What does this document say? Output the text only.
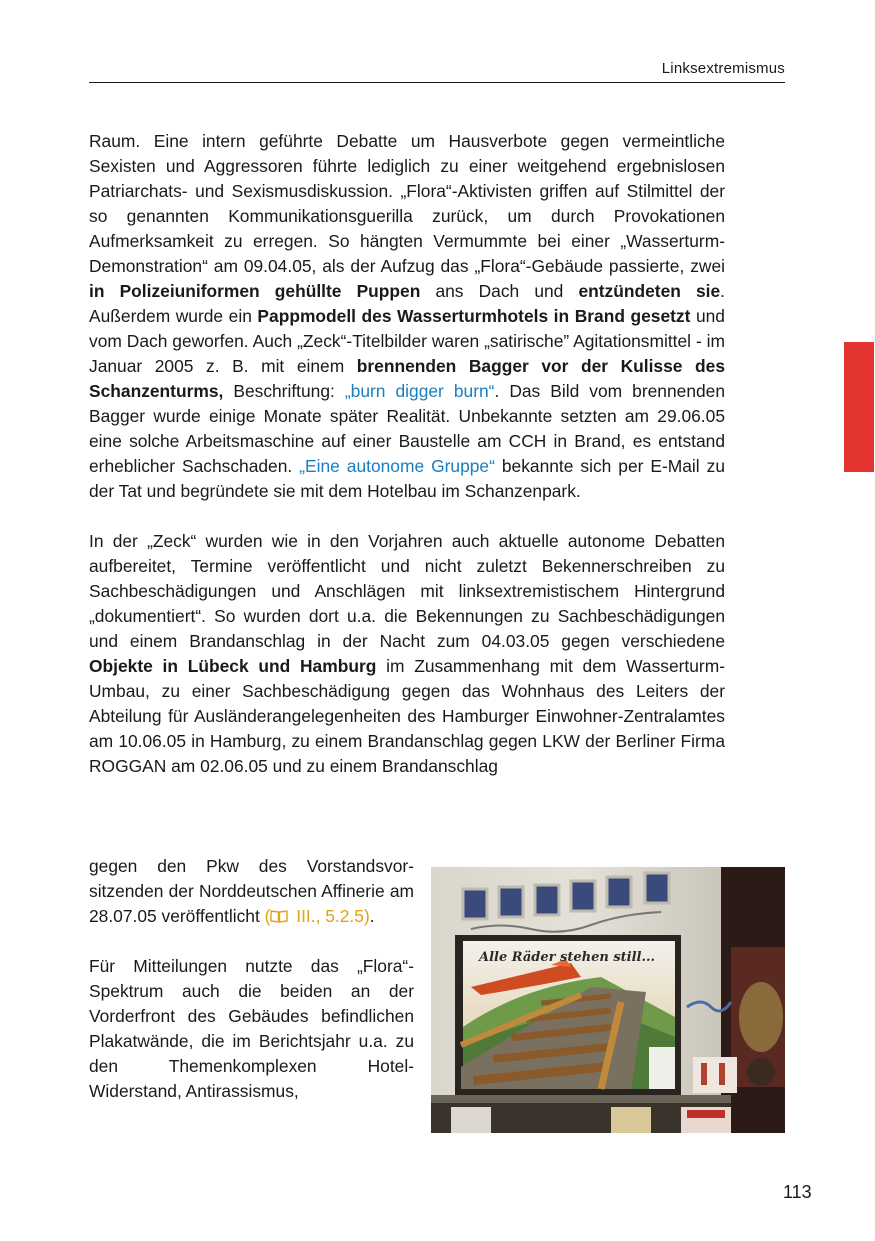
Linksextremismus

Raum. Eine intern geführte Debatte um Hausverbote gegen vermeintliche Sexisten und Aggressoren führte lediglich zu einer weitgehend ergebnislosen Patriarchats- und Sexismusdiskussion. „Flora“-Aktivisten griffen auf Stilmittel der so genannten Kommunikationsguerilla zurück, um durch Provokationen Aufmerksamkeit zu erregen. So hängten Vermummte bei einer „Wasserturm-Demonstration“ am 09.04.05, als der Aufzug das „Flora“-Gebäude passierte, zwei in Polizeiuniformen gehüllte Puppen ans Dach und entzündeten sie. Außerdem wurde ein Pappmodell des Wasserturmhotels in Brand gesetzt und vom Dach geworfen. Auch „Zeck“-Titelbilder waren „satirische” Agitationsmittel - im Januar 2005 z. B. mit einem brennenden Bagger vor der Kulisse des Schanzenturms, Beschriftung: „burn digger burn“. Das Bild vom brennenden Bagger wurde einige Monate später Realität. Unbekannte setzten am 29.06.05 eine solche Arbeitsmaschine auf einer Baustelle am CCH in Brand, es entstand erheblicher Sachschaden. „Eine autonome Gruppe“ bekannte sich per E-Mail zu der Tat und begründete sie mit dem Hotelbau im Schanzenpark.

In der „Zeck“ wurden wie in den Vorjahren auch aktuelle autonome Debatten aufbereitet, Termine veröffentlicht und nicht zuletzt Bekennerschreiben zu Sachbeschädigungen und Anschlägen mit linksextremistischem Hintergrund „dokumentiert“. So wurden dort u.a. die Bekennungen zu Sachbeschädigungen und einem Brandanschlag in der Nacht zum 04.03.05 gegen verschiedene Objekte in Lübeck und Hamburg im Zusammenhang mit dem Wasserturm-Umbau, zu einer Sachbeschädigung gegen das Wohnhaus des Leiters der Abteilung für Ausländerangelegenheiten des Hamburger Einwohner-Zentralamtes am 10.06.05 in Hamburg, zu einem Brandanschlag gegen LKW der Berliner Firma ROGGAN am 02.06.05 und zu einem Brandanschlag

gegen den Pkw des Vorstandsvorsitzenden der Norddeutschen Affinerie am 28.07.05 veröffentlicht ( III., 5.2.5).

Für Mitteilungen nutzte das „Flora“-Spektrum auch die beiden an der Vorderfront des Gebäudes befindlichen Plakatwände, die im Berichtsjahr u.a. zu den Themenkomplexen Hotel-Widerstand, Antirassismus,

Alle Räder stehen still...
113
